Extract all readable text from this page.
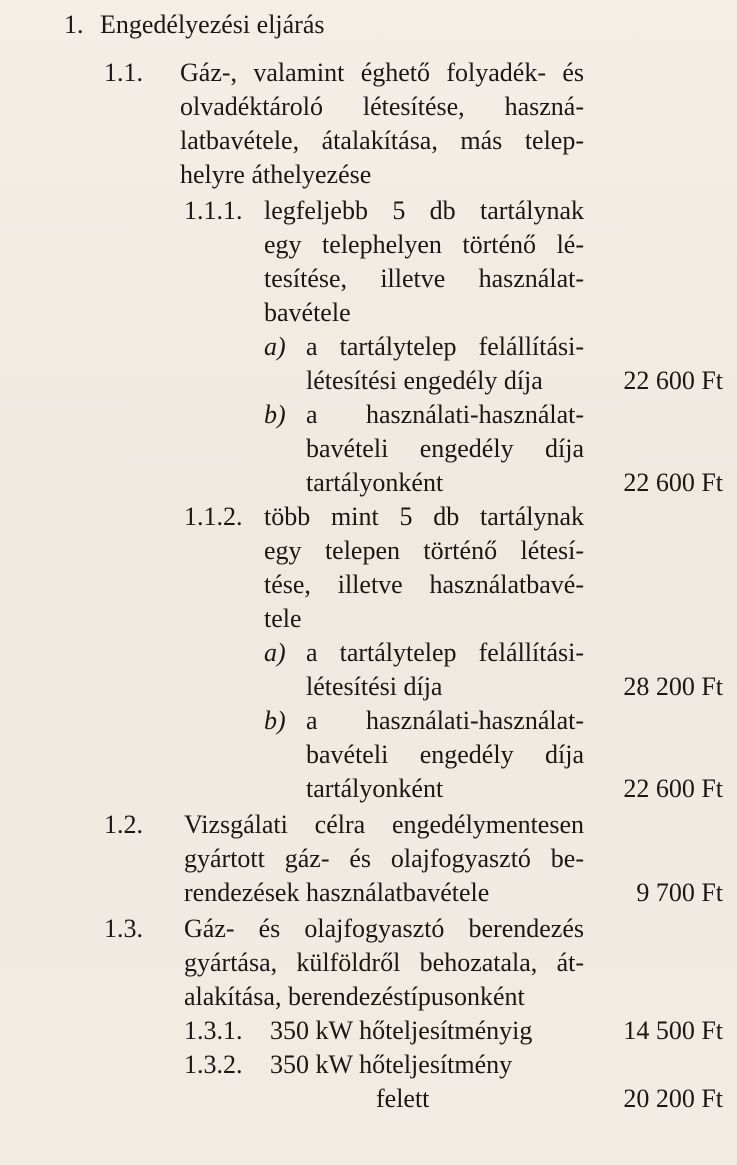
1. Engedélyezési eljárás
1.1. Gáz-, valamint éghető folyadék- és
olvadéktároló létesítése, haszná-
latbavétele, átalakítása, más telep-
helyre áthelyezése
1.1.1. legfeljebb 5 db tartálynak
egy telephelyen történő lé-
tesítése, illetve használat-
bavétele
a) a tartálytelep felállítási-
létesítési engedély díja	22 600 Ft
b) a használati-használat-
bavételi engedély díja
tartályonként	22 600 Ft
1.1.2. több mint 5 db tartálynak
egy telepen történő létesí-
tése, illetve használatbavé-
tele
a) a tartálytelep felállítási-
létesítési díja	28 200 Ft
b) a használati-használat-
bavételi engedély díja
tartályonként	22 600 Ft
1.2. Vizsgálati célra engedélymentesen
gyártott gáz- és olajfogyasztó be-
rendezések használatbavétele	9 700 Ft
1.3. Gáz- és olajfogyasztó berendezés
gyártása, külföldről behozatala, át-
alakítása, berendezéstípusonként
1.3.1. 350 kW hőteljesítményig	14 500 Ft
1.3.2. 350 kW hőteljesítmény
felett	20 200 Ft
